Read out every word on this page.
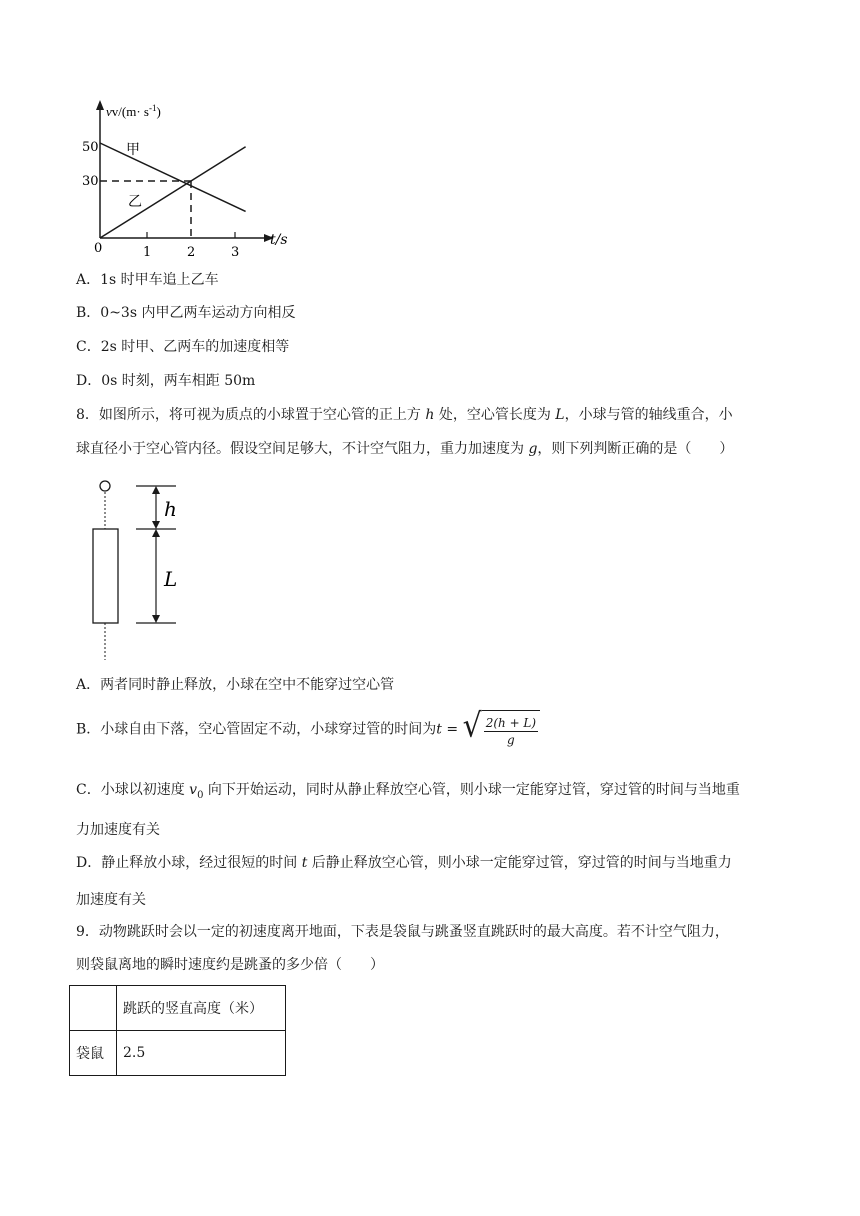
$vv/(m\cdot s^{-1})$
50
30
0	1	2	3
t/s
甲
乙
A．1s 时甲车追上乙车
B．0~3s 内甲乙两车运动方向相反
C．2s 时甲、乙两车的加速度相等
D．0s 时刻，两车相距 50m
8．如图所示，将可视为质点的小球置于空心管的正上方 h 处，空心管长度为 L，小球与管的轴线重合，小
球直径小于空心管内径。假设空间足够大，不计空气阻力，重力加速度为 g，则下列判断正确的是（　　）
h
L
A．两者同时静止释放，小球在空中不能穿过空心管
B．小球自由下落，空心管固定不动，小球穿过管的时间为t = √ $\frac{2(h + L)}{g}$
C．小球以初速度 $v_0$ 向下开始运动，同时从静止释放空心管，则小球一定能穿过管，穿过管的时间与当地重
力加速度有关
D．静止释放小球，经过很短的时间 t 后静止释放空心管，则小球一定能穿过管，穿过管的时间与当地重力
加速度有关
9．动物跳跃时会以一定的初速度离开地面，下表是袋鼠与跳蚤竖直跳跃时的最大高度。若不计空气阻力，
则袋鼠离地的瞬时速度约是跳蚤的多少倍（　　）
	跳跃的竖直高度（米）
袋鼠	2.5
